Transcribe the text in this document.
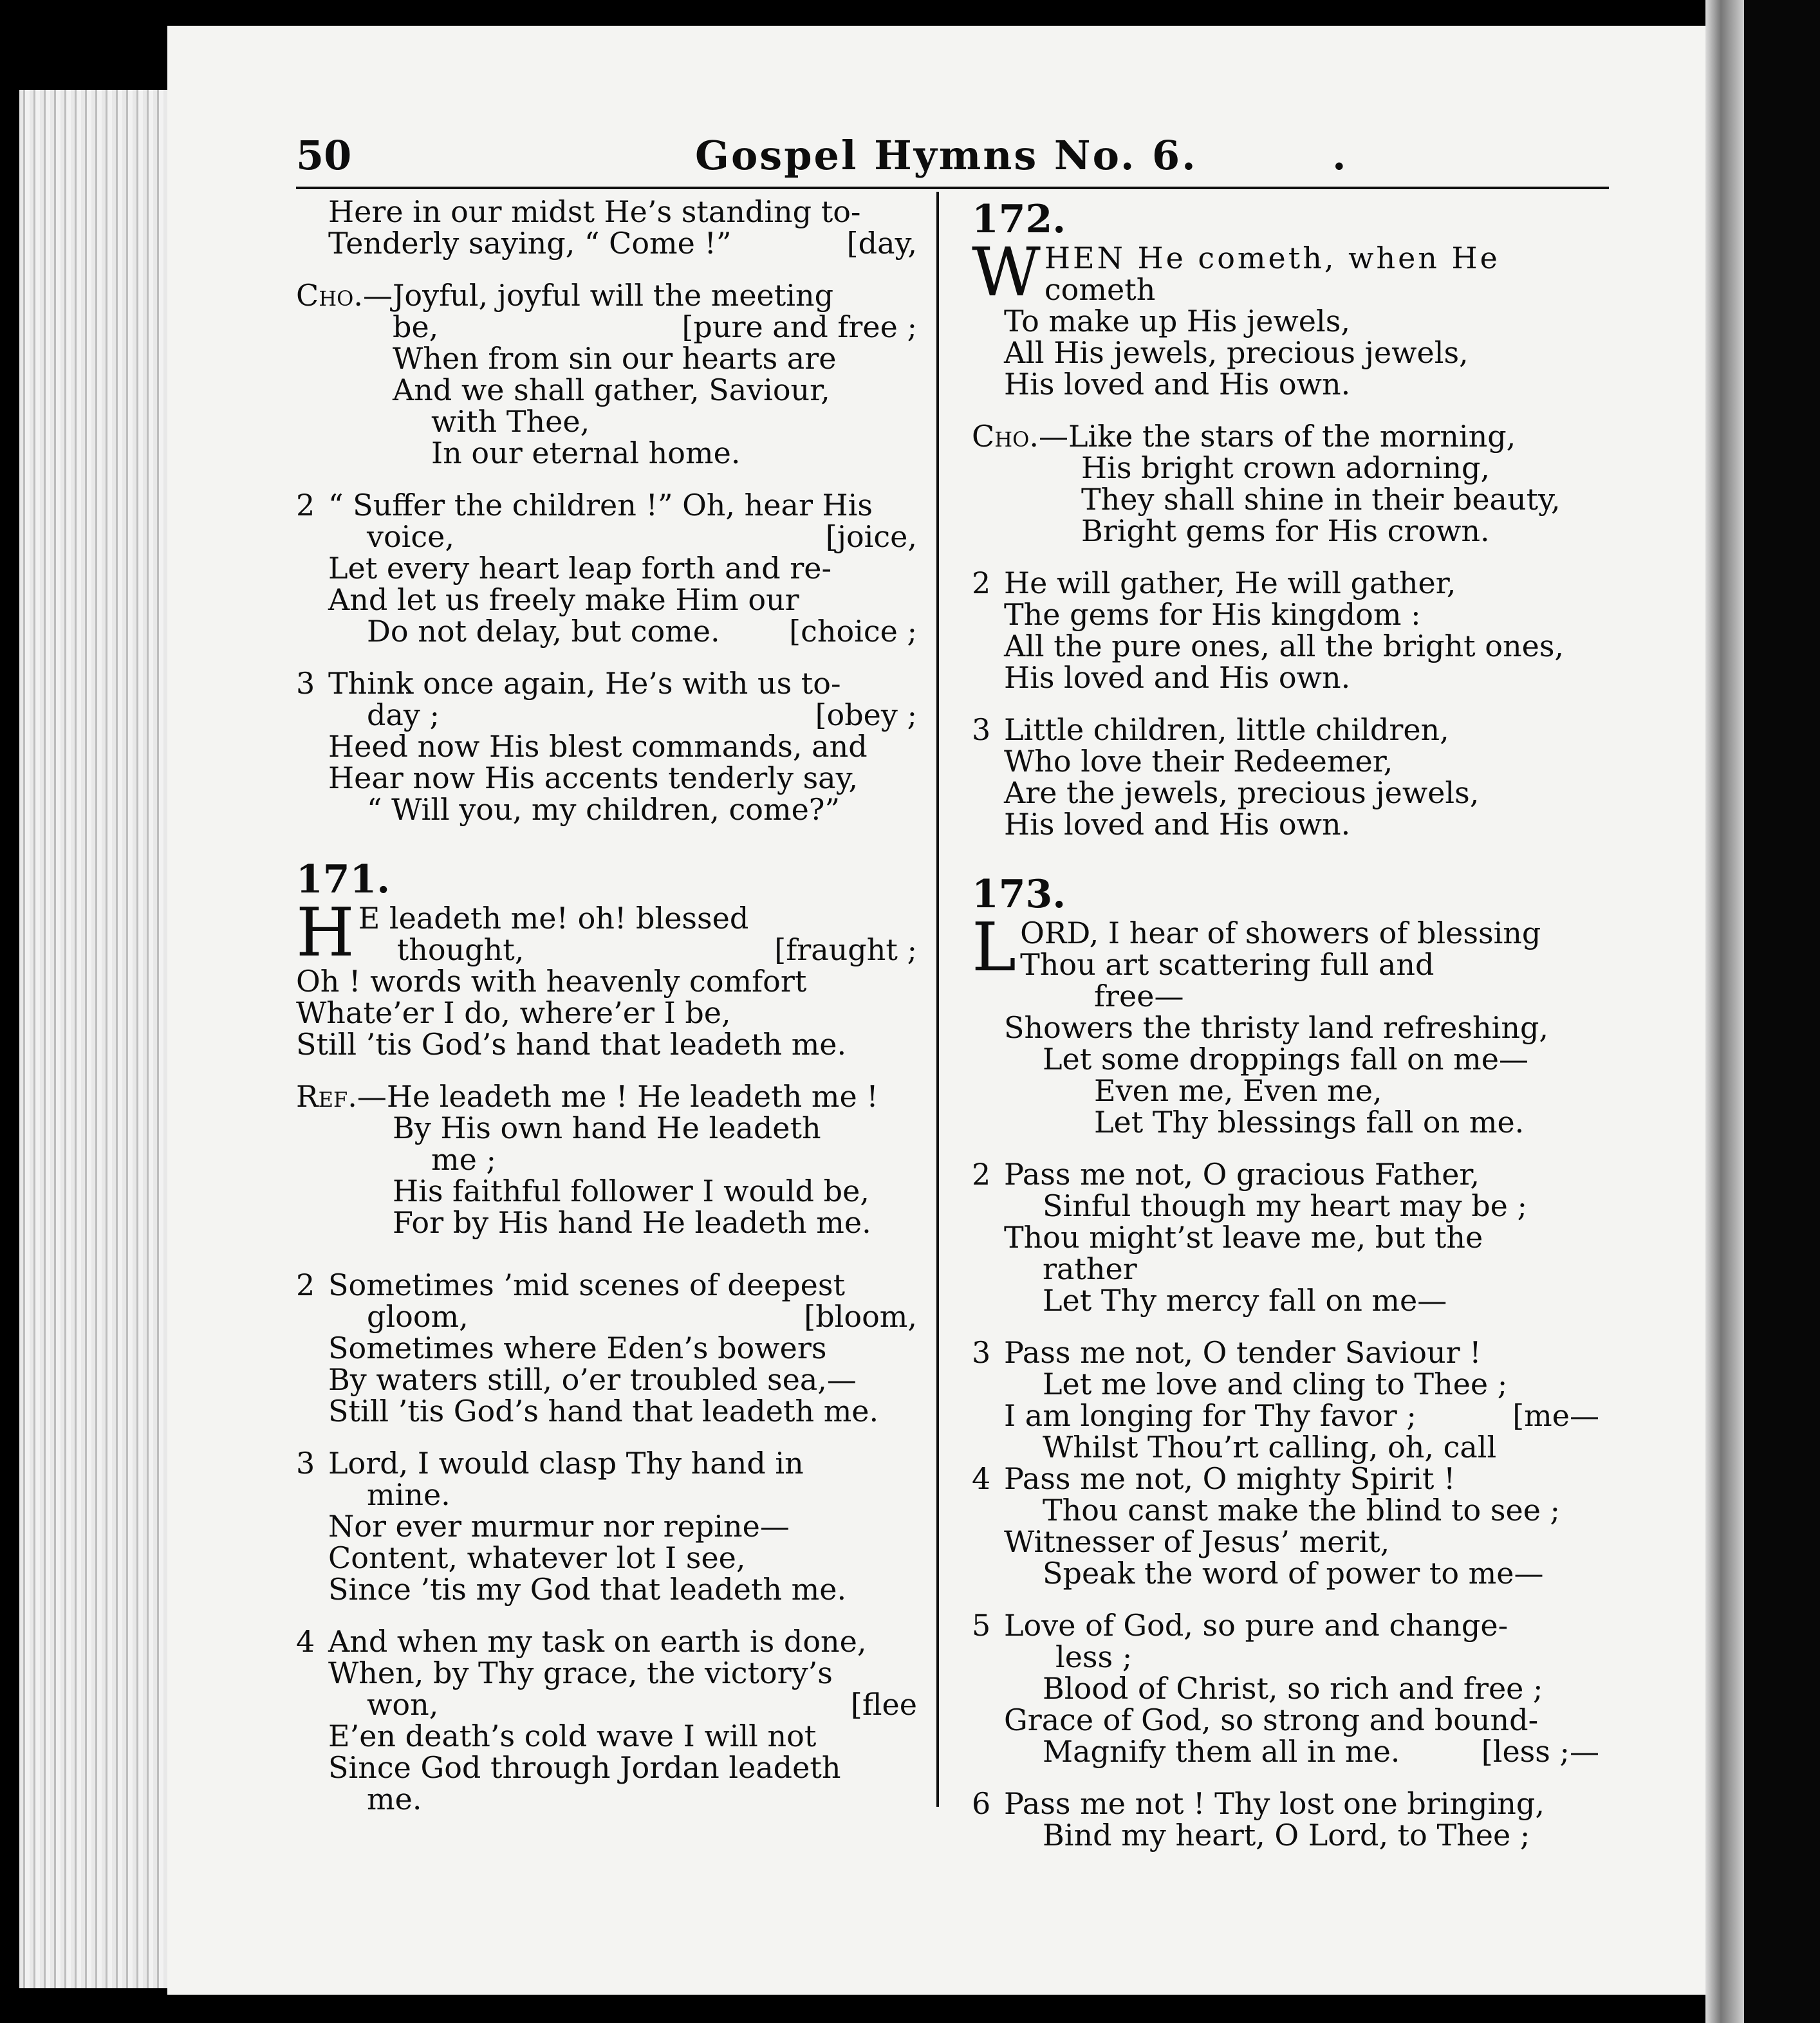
50	Gospel Hymns No. 6.	.
Here in our midst He’s standing to-
Tenderly saying, “ Come !”	[day,
Cho.—Joyful, joyful will the meeting
be,	[pure and free ;
When from sin our hearts are
And we shall gather, Saviour,
with Thee,
In our eternal home.
2 “ Suffer the children !” Oh, hear His
voice,	[joice,
Let every heart leap forth and re-
And let us freely make Him our
Do not delay, but come. [choice ;
3 Think once again, He’s with us to-
day ;	[obey ;
Heed now His blest commands, and
Hear now His accents tenderly say,
“ Will you, my children, come?”
171.
H E leadeth me! oh! blessed
thought,	[fraught ;
Oh ! words with heavenly comfort
Whate’er I do, where’er I be,
Still ’tis God’s hand that leadeth me.
Ref.—He leadeth me ! He leadeth me !
By His own hand He leadeth
me ;
His faithful follower I would be,
For by His hand He leadeth me.
2 Sometimes ’mid scenes of deepest
gloom,	[bloom,
Sometimes where Eden’s bowers
By waters still, o’er troubled sea,—
Still ’tis God’s hand that leadeth me.
3 Lord, I would clasp Thy hand in
mine.
Nor ever murmur nor repine—
Content, whatever lot I see,
Since ’tis my God that leadeth me.
4 And when my task on earth is done,
When, by Thy grace, the victory’s
won,	[flee
E’en death’s cold wave I will not
Since God through Jordan leadeth
me.
172.
W HEN He cometh, when He
cometh
To make up His jewels,
All His jewels, precious jewels,
His loved and His own.
Cho.—Like the stars of the morning,
His bright crown adorning,
They shall shine in their beauty,
Bright gems for His crown.
2 He will gather, He will gather,
The gems for His kingdom :
All the pure ones, all the bright ones,
His loved and His own.
3 Little children, little children,
Who love their Redeemer,
Are the jewels, precious jewels,
His loved and His own.
173.
L ORD, I hear of showers of blessing
Thou art scattering full and
free—
Showers the thristy land refreshing,
Let some droppings fall on me—
Even me, Even me,
Let Thy blessings fall on me.
2 Pass me not, O gracious Father,
Sinful though my heart may be ;
Thou might’st leave me, but the
rather
Let Thy mercy fall on me—
3 Pass me not, O tender Saviour !
Let me love and cling to Thee ;
I am longing for Thy favor ;	[me—
Whilst Thou’rt calling, oh, call
4 Pass me not, O mighty Spirit !
Thou canst make the blind to see ;
Witnesser of Jesus’ merit,
Speak the word of power to me—
5 Love of God, so pure and change-
less ;
Blood of Christ, so rich and free ;
Grace of God, so strong and bound-
Magnify them all in me.	[less ;—
6 Pass me not ! Thy lost one bringing,
Bind my heart, O Lord, to Thee ;
